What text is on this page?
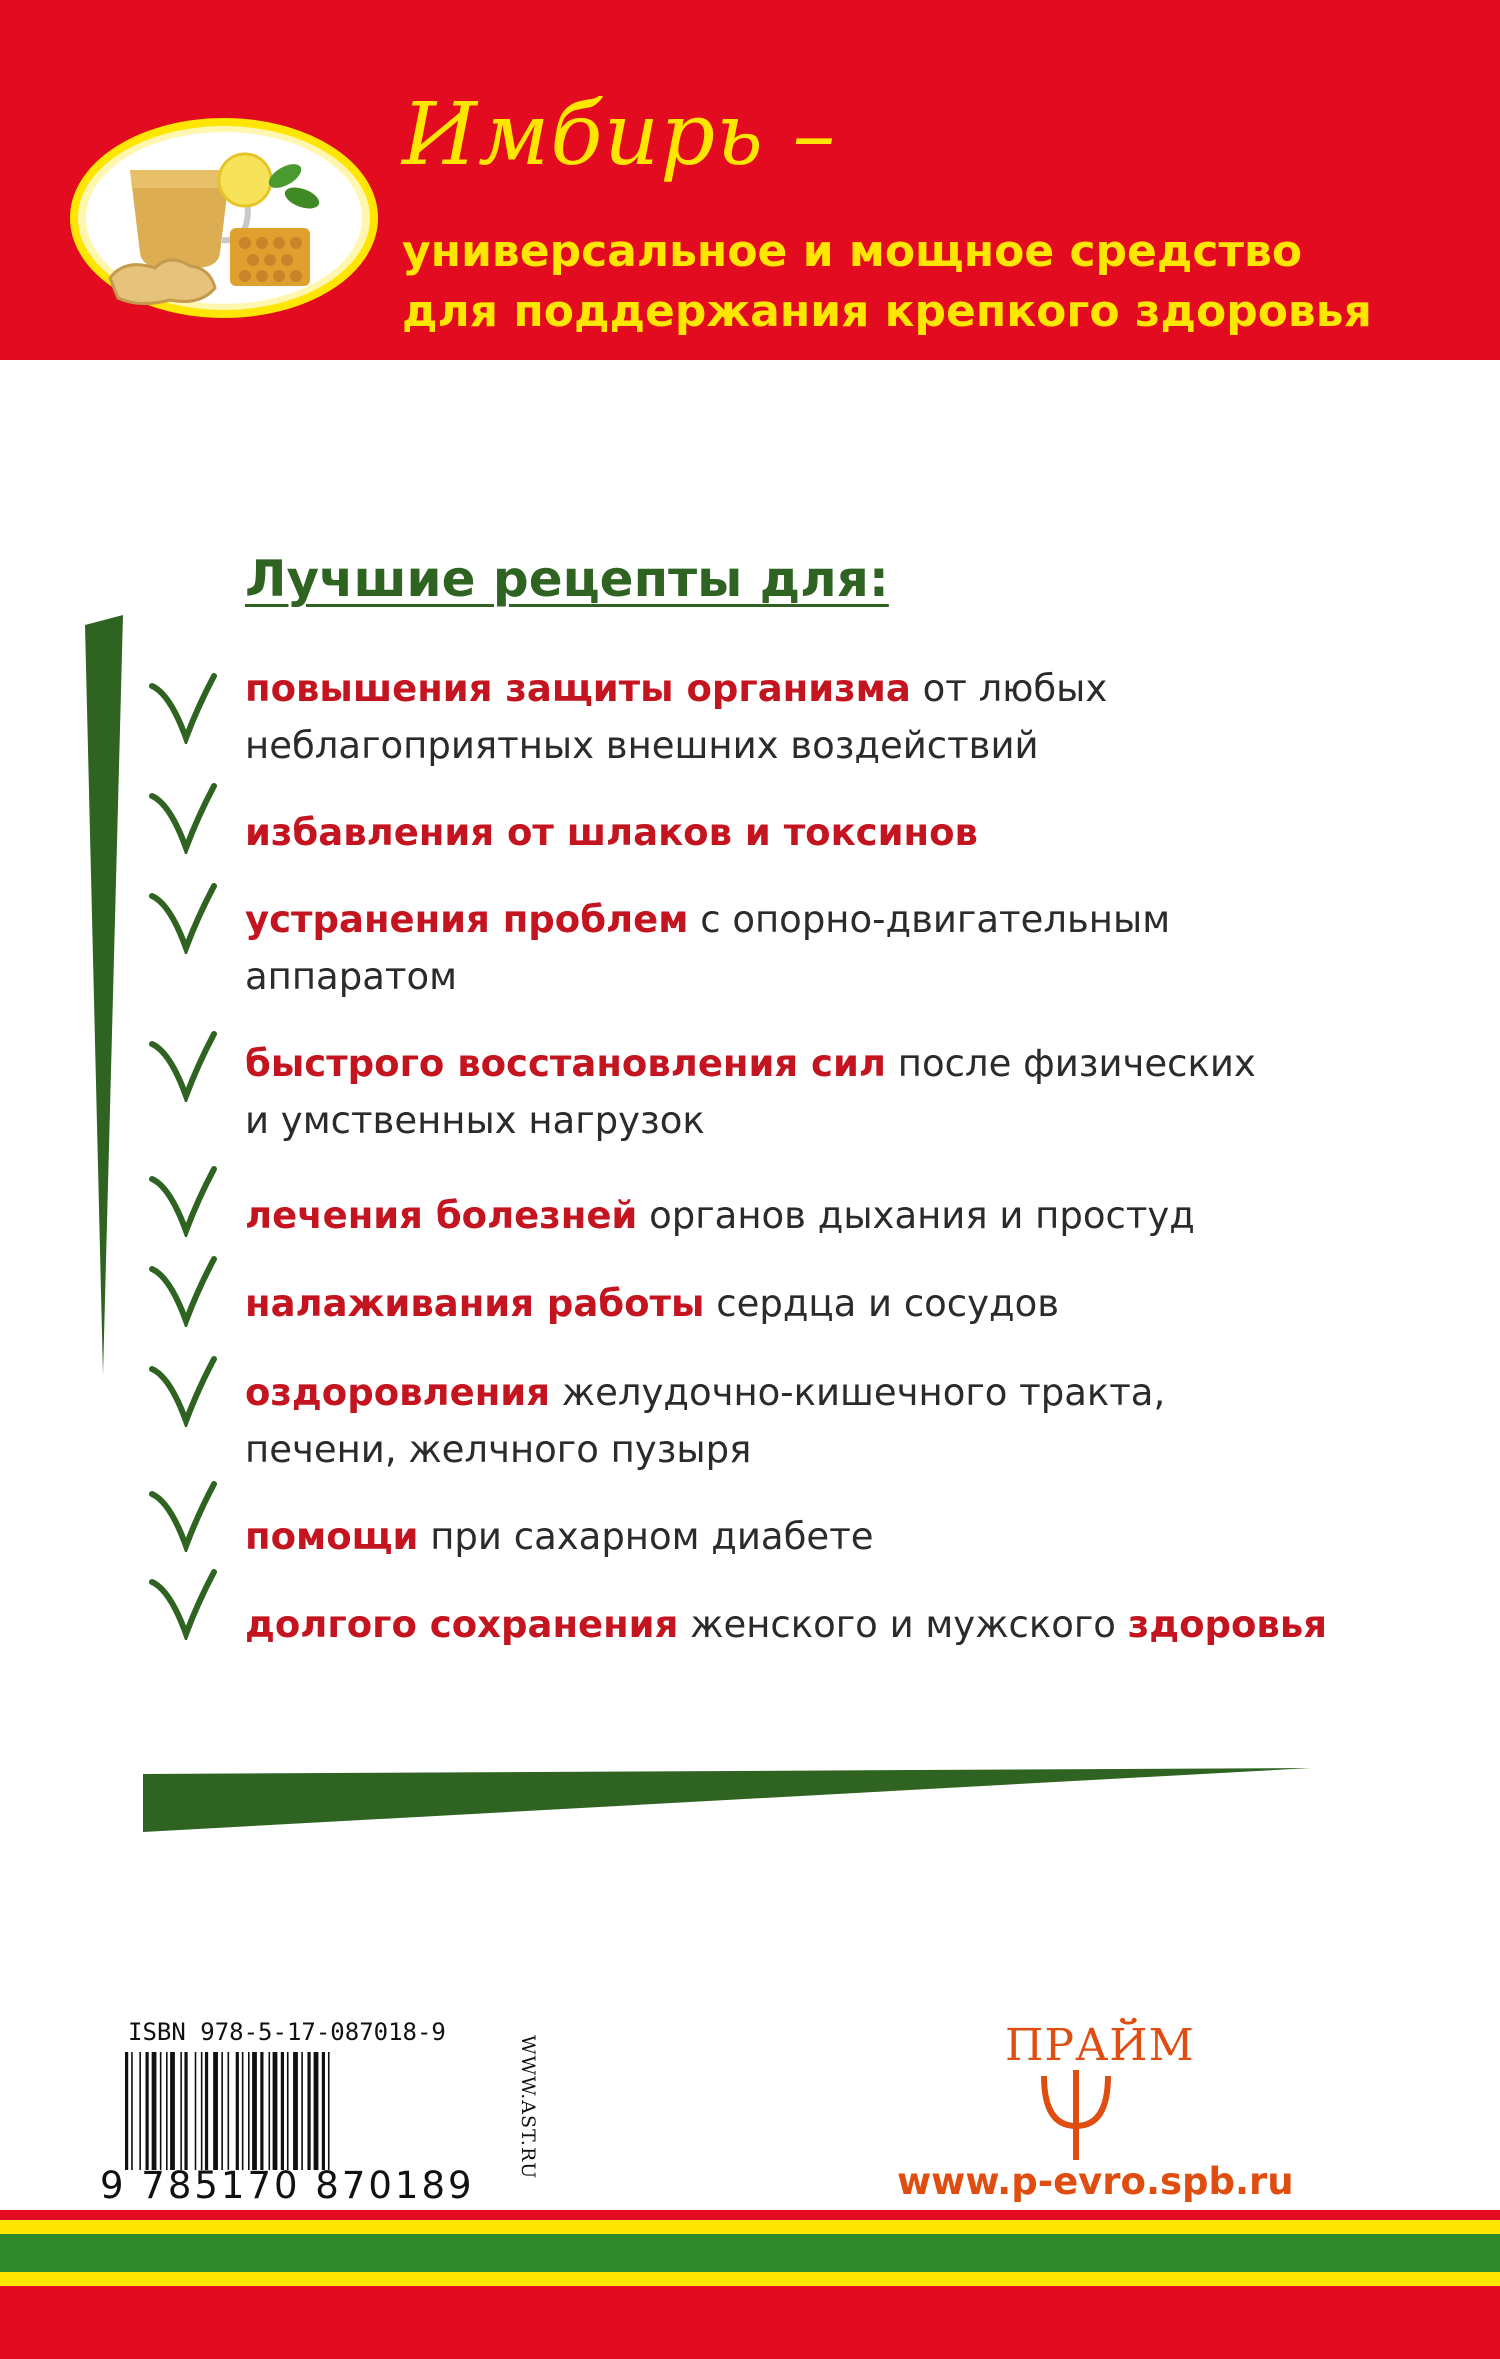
Имбирь –
универсальное и мощное средство
для поддержания крепкого здоровья
Лучшие рецепты для:
повышения защиты организма от любых
неблагоприятных внешних воздействий
избавления от шлаков и токсинов
устранения проблем с опорно-двигательным
аппаратом
быстрого восстановления сил после физических
и умственных нагрузок
лечения болезней органов дыхания и простуд
налаживания работы сердца и сосудов
оздоровления желудочно-кишечного тракта,
печени, желчного пузыря
помощи при сахарном диабете
долгого сохранения женского и мужского здоровья
ISBN 978-5-17-087018-9
9 785170 870189
WWW.AST.RU	ПРАЙМ
www.p-evro.spb.ru
